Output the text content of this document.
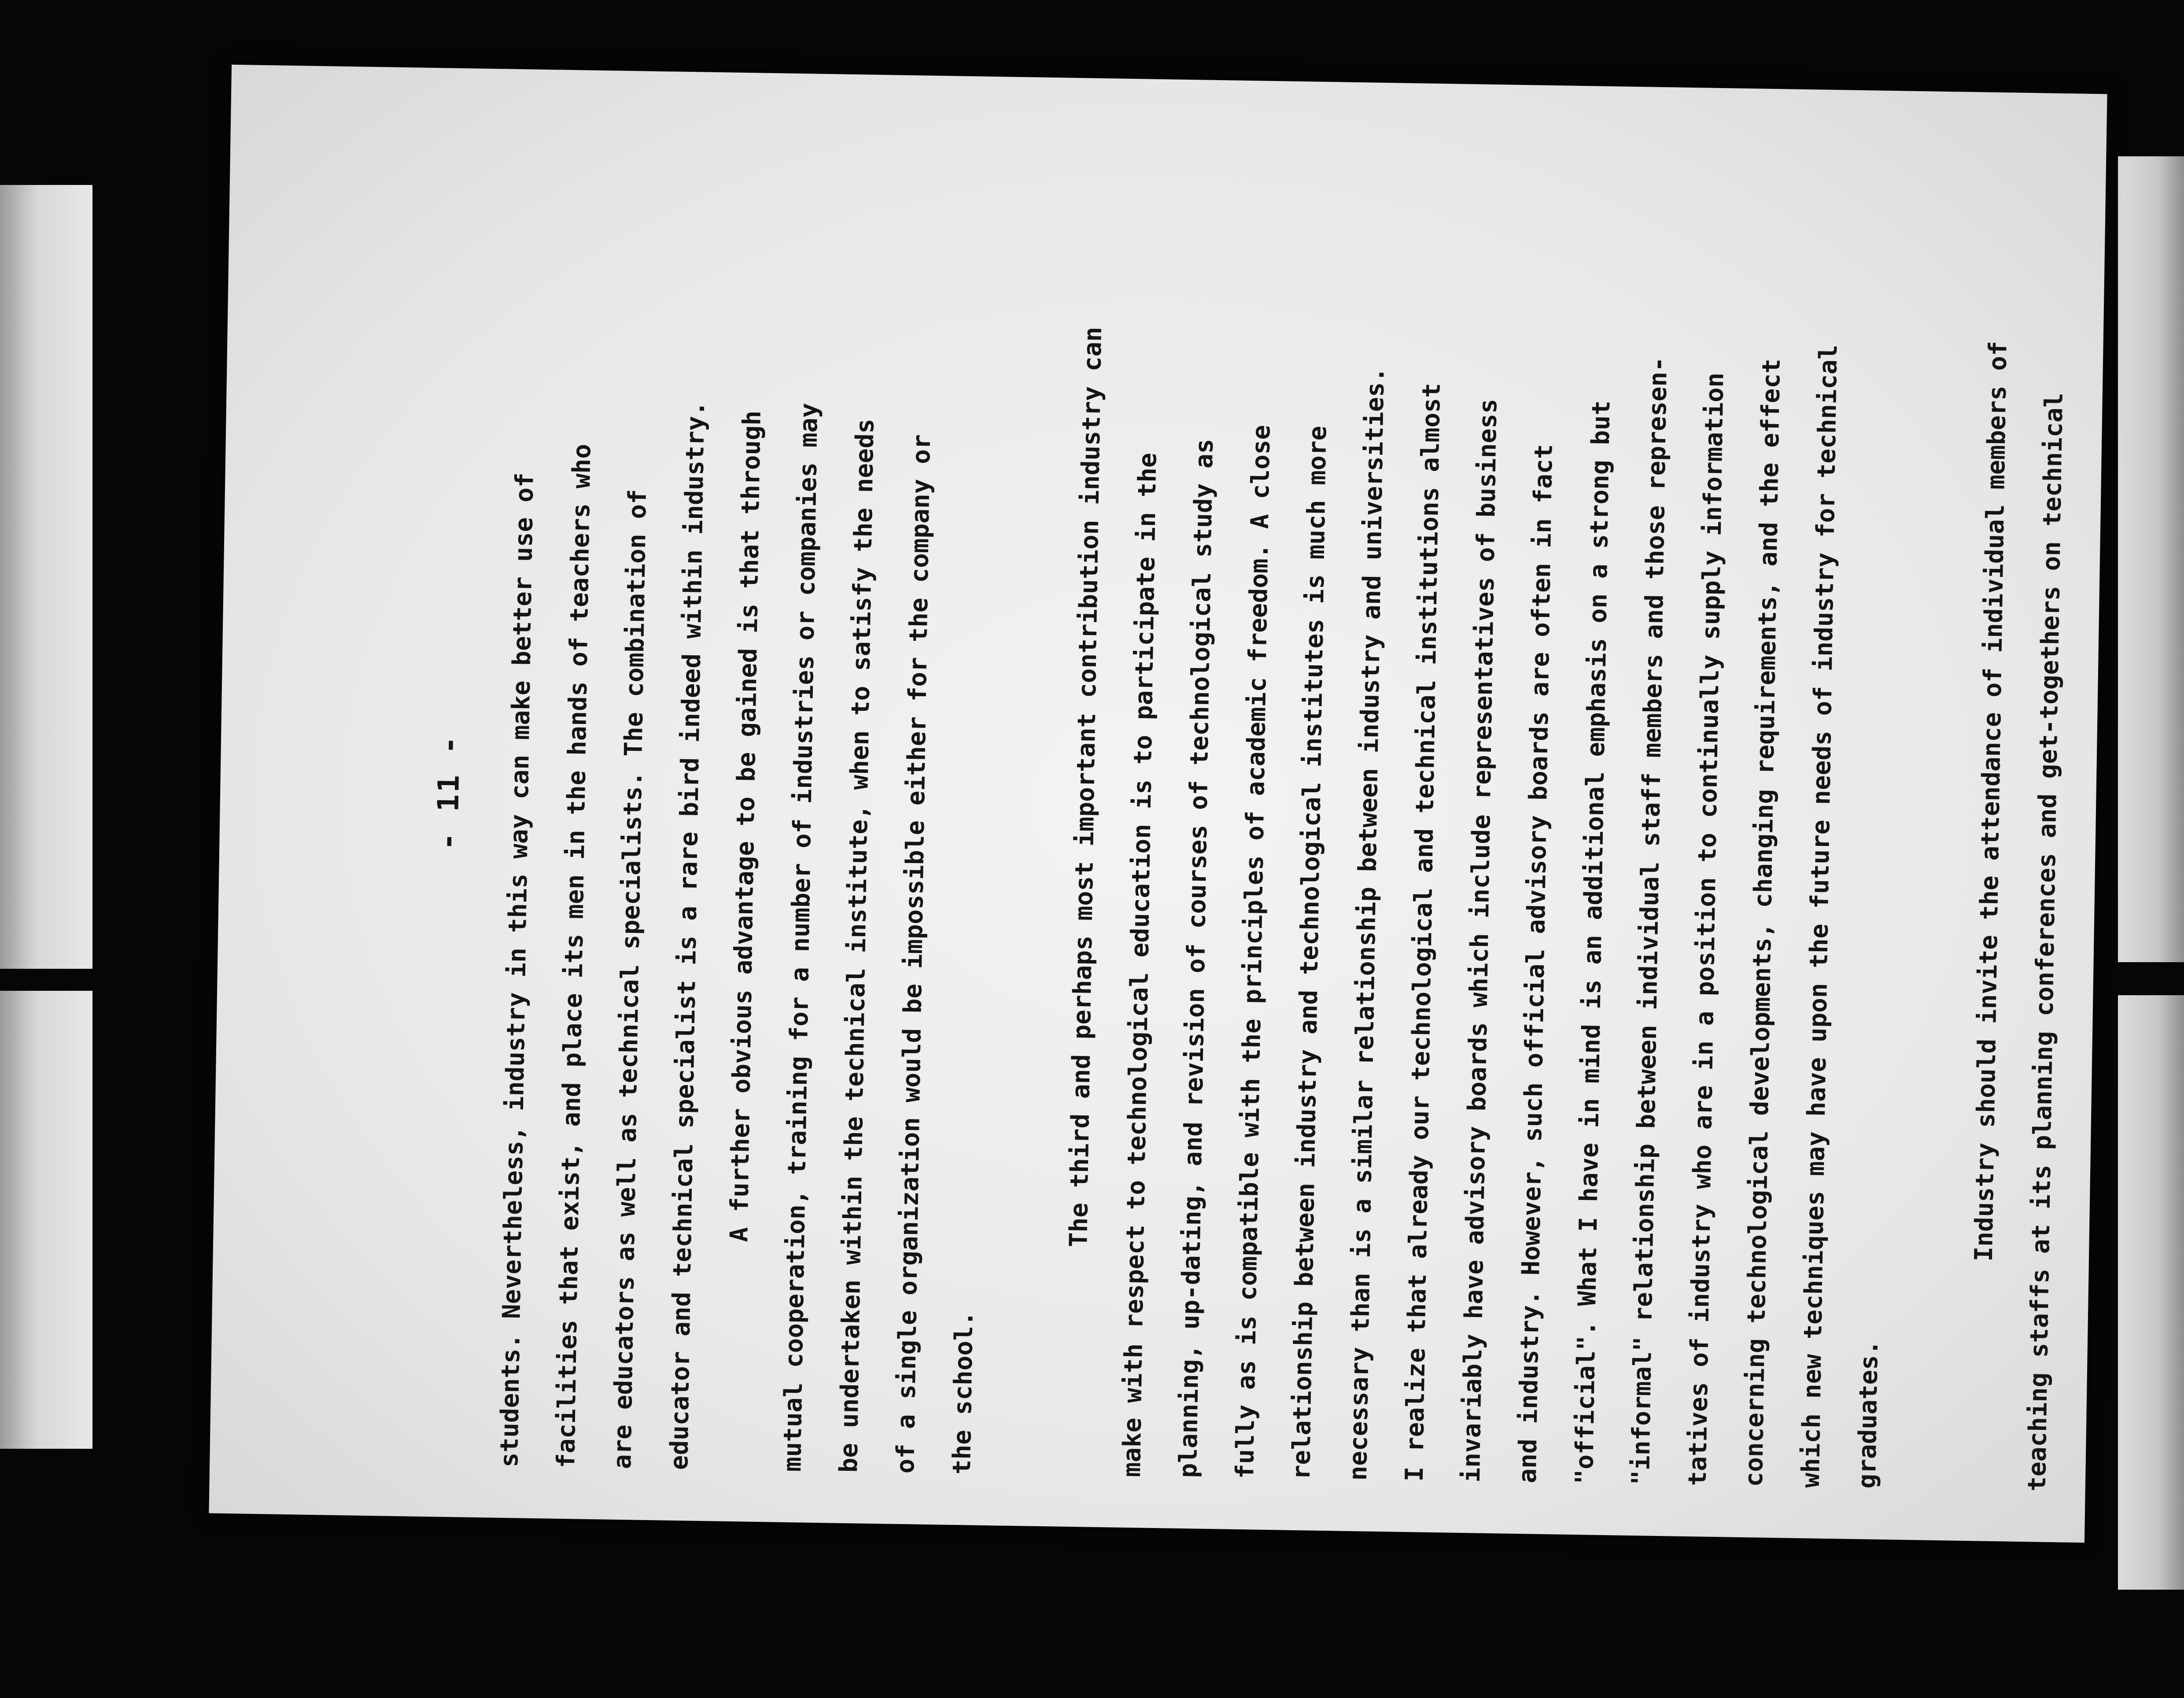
- 11 -	students. Nevertheless, industry in this way can make better use of facilities that exist, and place its men in the hands of teachers who are educators as well as technical specialists. The combination of educator and technical specialist is a rare bird indeed within industry. A further obvious advantage to be gained is that through mutual cooperation, training for a number of industries or companies may be undertaken within the technical institute, when to satisfy the needs of a single organization would be impossible either for the company or the school.

The third and perhaps most important contribution industry can make with respect to technological education is to participate in the planning, up-dating, and revision of courses of technological study as fully as is compatible with the principles of academic freedom. A close relationship between industry and technological institutes is much more necessary than is a similar relationship between industry and universities. I realize that already our technological and technical institutions almost invariably have advisory boards which include representatives of business and industry. However, such official advisory boards are often in fact "official". What I have in mind is an additional emphasis on a strong but "informal" relationship between individual staff members and those represen- tatives of industry who are in a position to continually supply information concerning technological developments, changing requirements, and the effect which new techniques may have upon the future needs of industry for technical graduates.

Industry should invite the attendance of individual members of teaching staffs at its planning conferences and get-togethers on technical
